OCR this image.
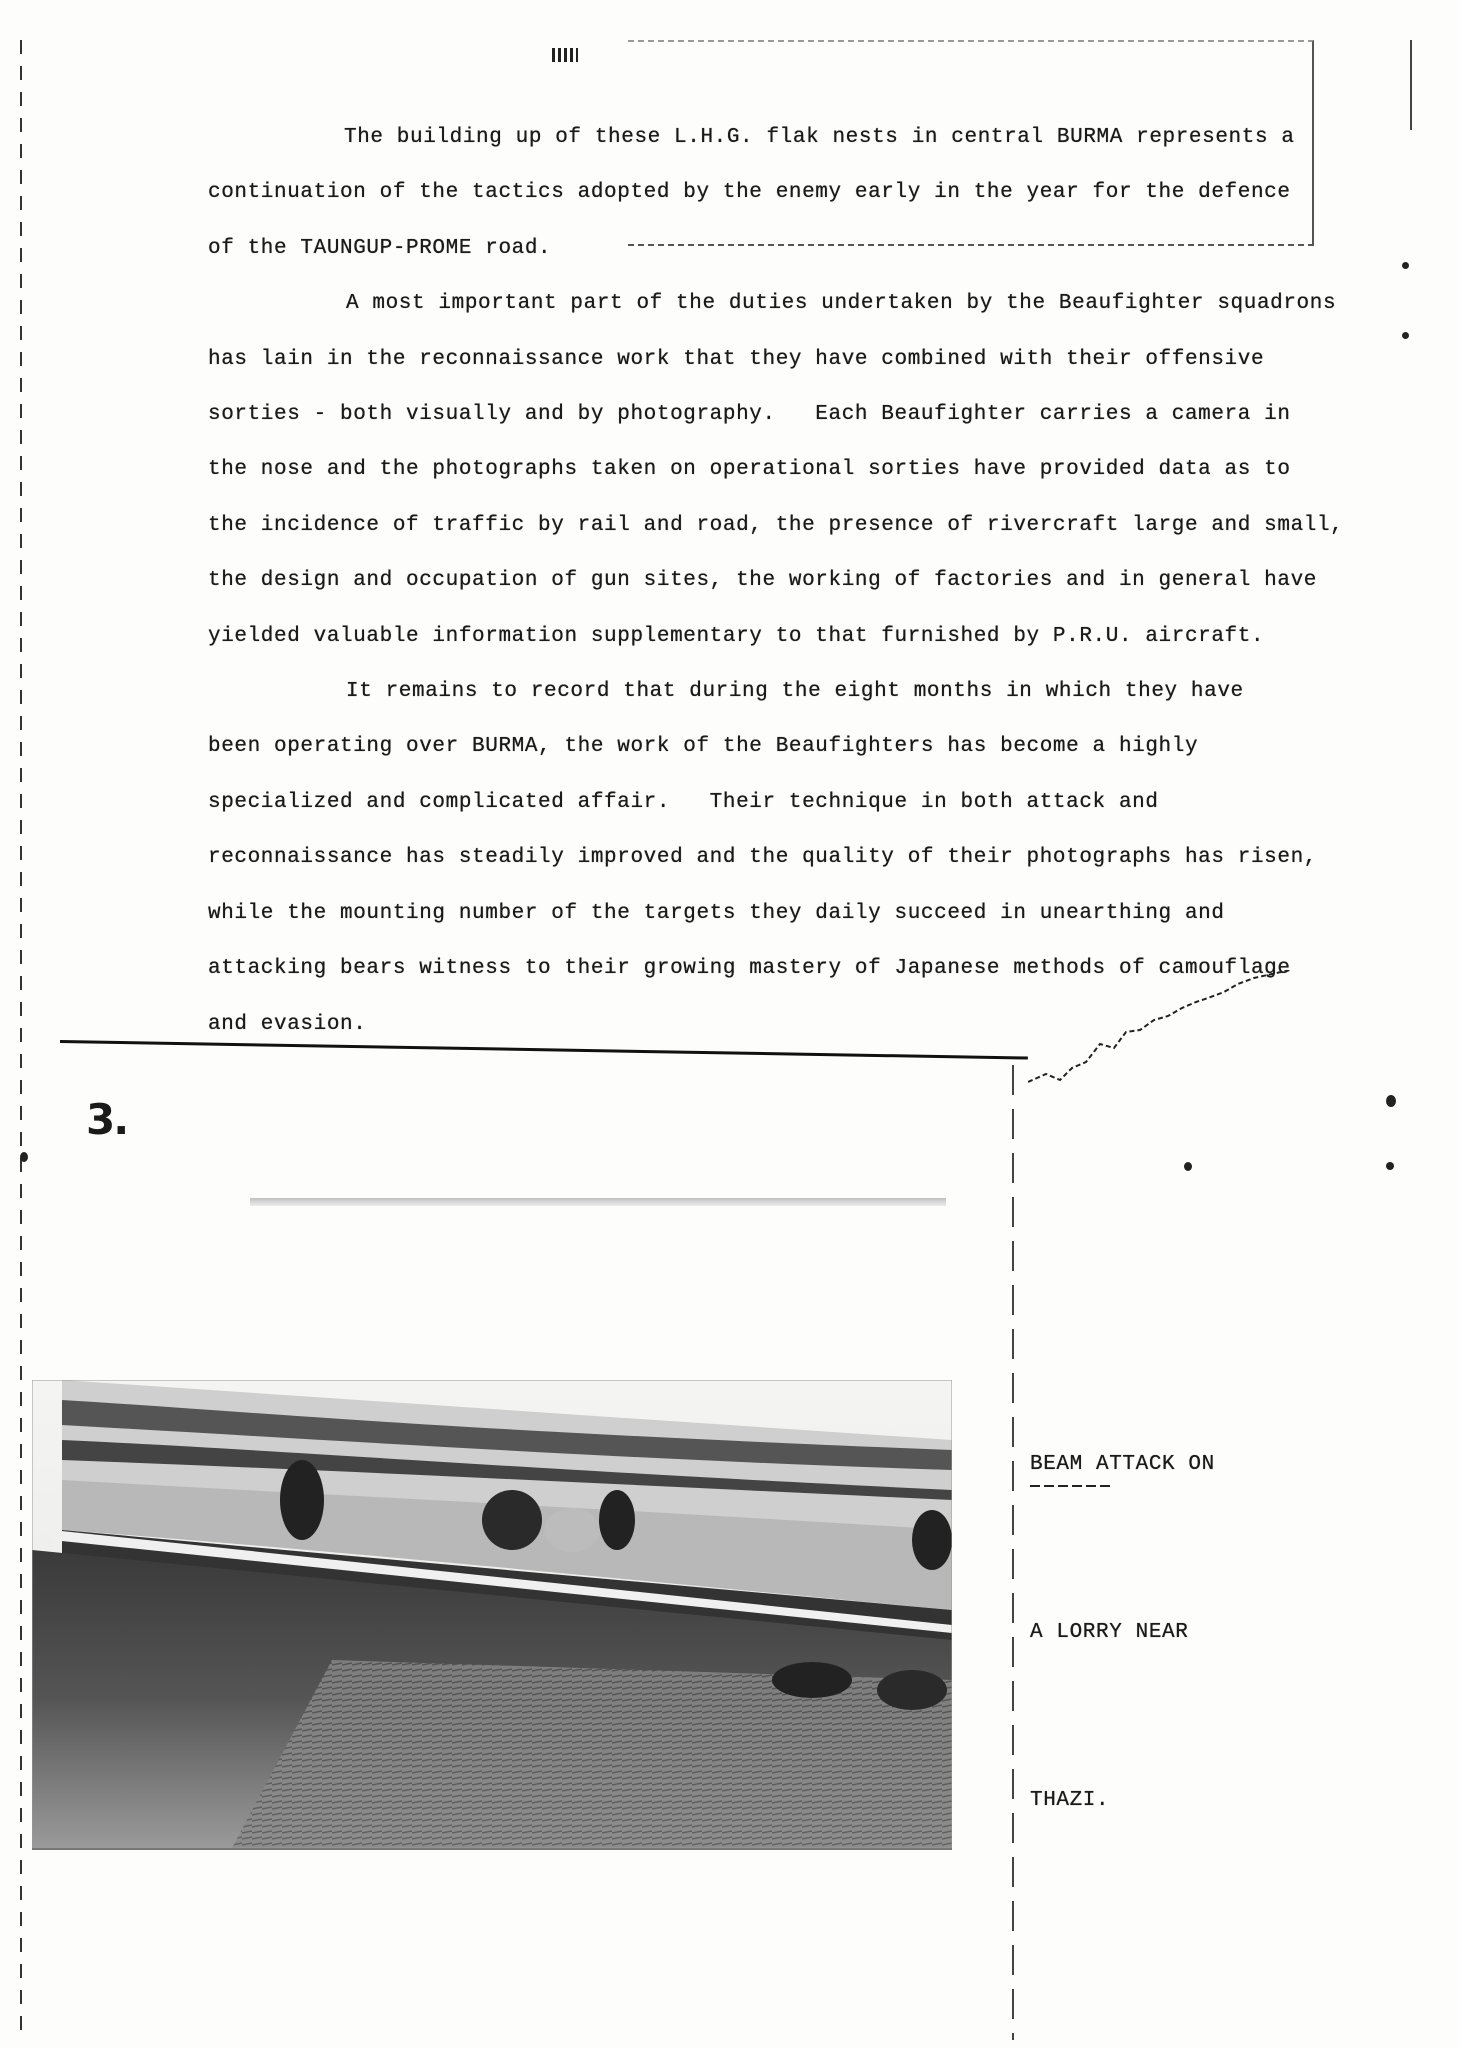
The building up of these L.H.G. flak nests in central BURMA represents a
continuation of the tactics adopted by the enemy early in the year for the defence
of the TAUNGUP-PROME road.
A most important part of the duties undertaken by the Beaufighter squadrons
has lain in the reconnaissance work that they have combined with their offensive
sorties - both visually and by photography.   Each Beaufighter carries a camera in
the nose and the photographs taken on operational sorties have provided data as to
the incidence of traffic by rail and road, the presence of rivercraft large and small,
the design and occupation of gun sites, the working of factories and in general have
yielded valuable information supplementary to that furnished by P.R.U. aircraft.
It remains to record that during the eight months in which they have
been operating over BURMA, the work of the Beaufighters has become a highly
specialized and complicated affair.   Their technique in both attack and
reconnaissance has steadily improved and the quality of their photographs has risen,
while the mounting number of the targets they daily succeed in unearthing and
attacking bears witness to their growing mastery of Japanese methods of camouflage
and evasion.
3.

BEAM ATTACK ON

A LORRY NEAR

THAZI.
